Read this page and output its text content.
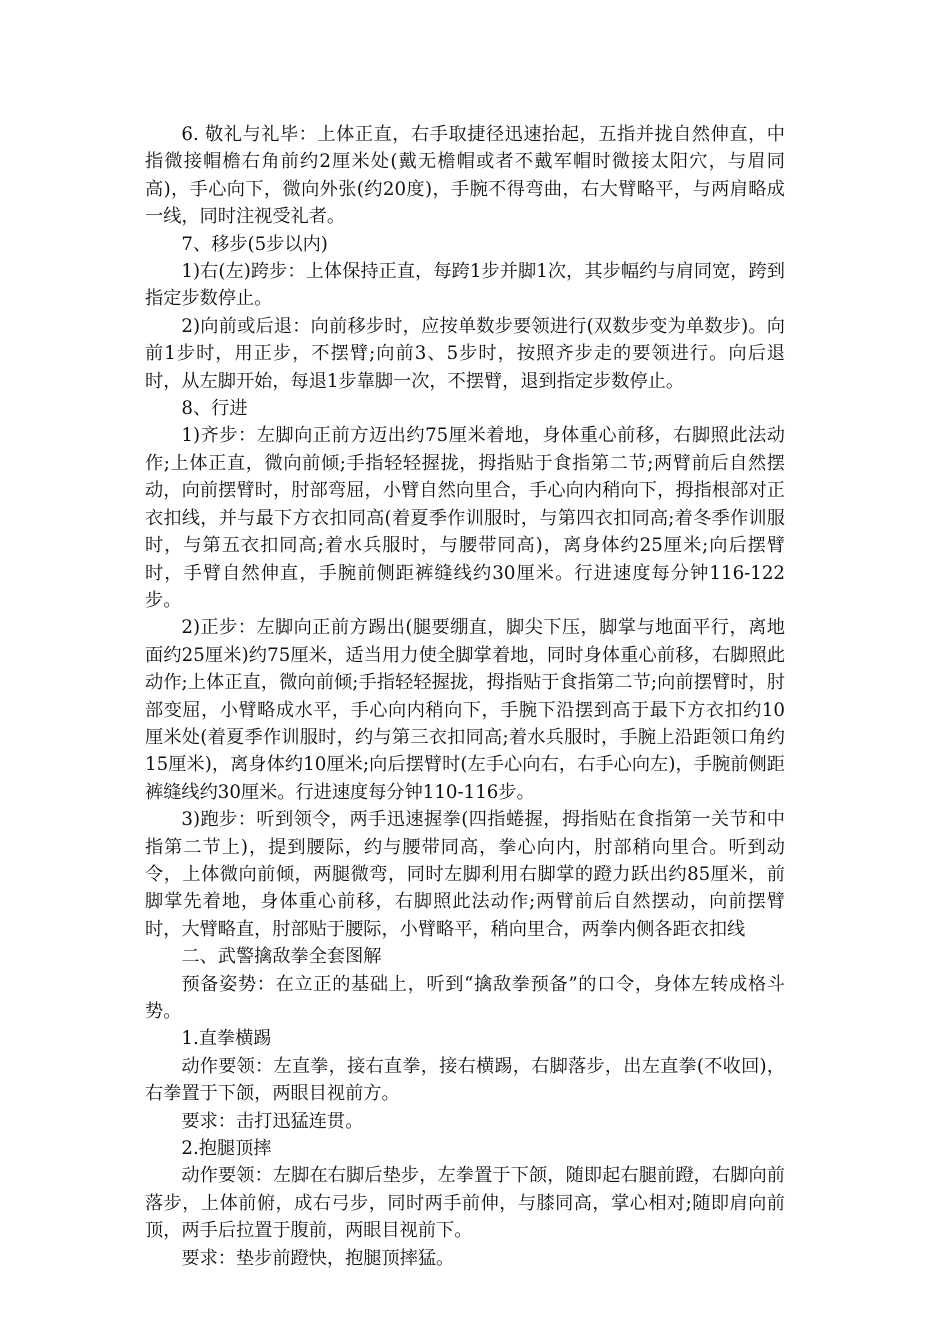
6. 敬礼与礼毕：上体正直，右手取捷径迅速抬起，五指并拢自然伸直，中指微接帽檐右角前约2厘米处(戴无檐帽或者不戴军帽时微接太阳穴，与眉同高)，手心向下，微向外张(约20度)，手腕不得弯曲，右大臂略平，与两肩略成一线，同时注视受礼者。

7、移步(5步以内)

1)右(左)跨步：上体保持正直，每跨1步并脚1次，其步幅约与肩同宽，跨到指定步数停止。

2)向前或后退：向前移步时，应按单数步要领进行(双数步变为单数步)。向前1步时，用正步，不摆臂;向前3、5步时，按照齐步走的要领进行。向后退时，从左脚开始，每退1步靠脚一次，不摆臂，退到指定步数停止。

8、行进

1)齐步：左脚向正前方迈出约75厘米着地，身体重心前移，右脚照此法动作;上体正直，微向前倾;手指轻轻握拢，拇指贴于食指第二节;两臂前后自然摆动，向前摆臂时，肘部弯屈，小臂自然向里合，手心向内稍向下，拇指根部对正衣扣线，并与最下方衣扣同高(着夏季作训服时，与第四衣扣同高;着冬季作训服时，与第五衣扣同高;着水兵服时，与腰带同高)，离身体约25厘米;向后摆臂时，手臂自然伸直，手腕前侧距裤缝线约30厘米。行进速度每分钟116-122步。

2)正步：左脚向正前方踢出(腿要绷直，脚尖下压，脚掌与地面平行，离地面约25厘米)约75厘米，适当用力使全脚掌着地，同时身体重心前移，右脚照此动作;上体正直，微向前倾;手指轻轻握拢，拇指贴于食指第二节;向前摆臂时，肘部变屈，小臂略成水平，手心向内稍向下，手腕下沿摆到高于最下方衣扣约10厘米处(着夏季作训服时，约与第三衣扣同高;着水兵服时，手腕上沿距领口角约15厘米)，离身体约10厘米;向后摆臂时(左手心向右，右手心向左)，手腕前侧距裤缝线约30厘米。行进速度每分钟110-116步。

3)跑步：听到领令，两手迅速握拳(四指蜷握，拇指贴在食指第一关节和中指第二节上)，提到腰际，约与腰带同高，拳心向内，肘部稍向里合。听到动令，上体微向前倾，两腿微弯，同时左脚利用右脚掌的蹬力跃出约85厘米，前脚掌先着地，身体重心前移，右脚照此法动作;两臂前后自然摆动，向前摆臂时，大臂略直，肘部贴于腰际，小臂略平，稍向里合，两拳内侧各距衣扣线

二、武警擒敌拳全套图解

预备姿势：在立正的基础上，听到“擒敌拳预备”的口令，身体左转成格斗势。

1.直拳横踢

动作要领：左直拳，接右直拳，接右横踢，右脚落步，出左直拳(不收回)，右拳置于下颌，两眼目视前方。

要求：击打迅猛连贯。

2.抱腿顶摔

动作要领：左脚在右脚后垫步，左拳置于下颌，随即起右腿前蹬，右脚向前落步，上体前俯，成右弓步，同时两手前伸，与膝同高，掌心相对;随即肩向前顶，两手后拉置于腹前，两眼目视前下。

要求：垫步前蹬快，抱腿顶摔猛。
